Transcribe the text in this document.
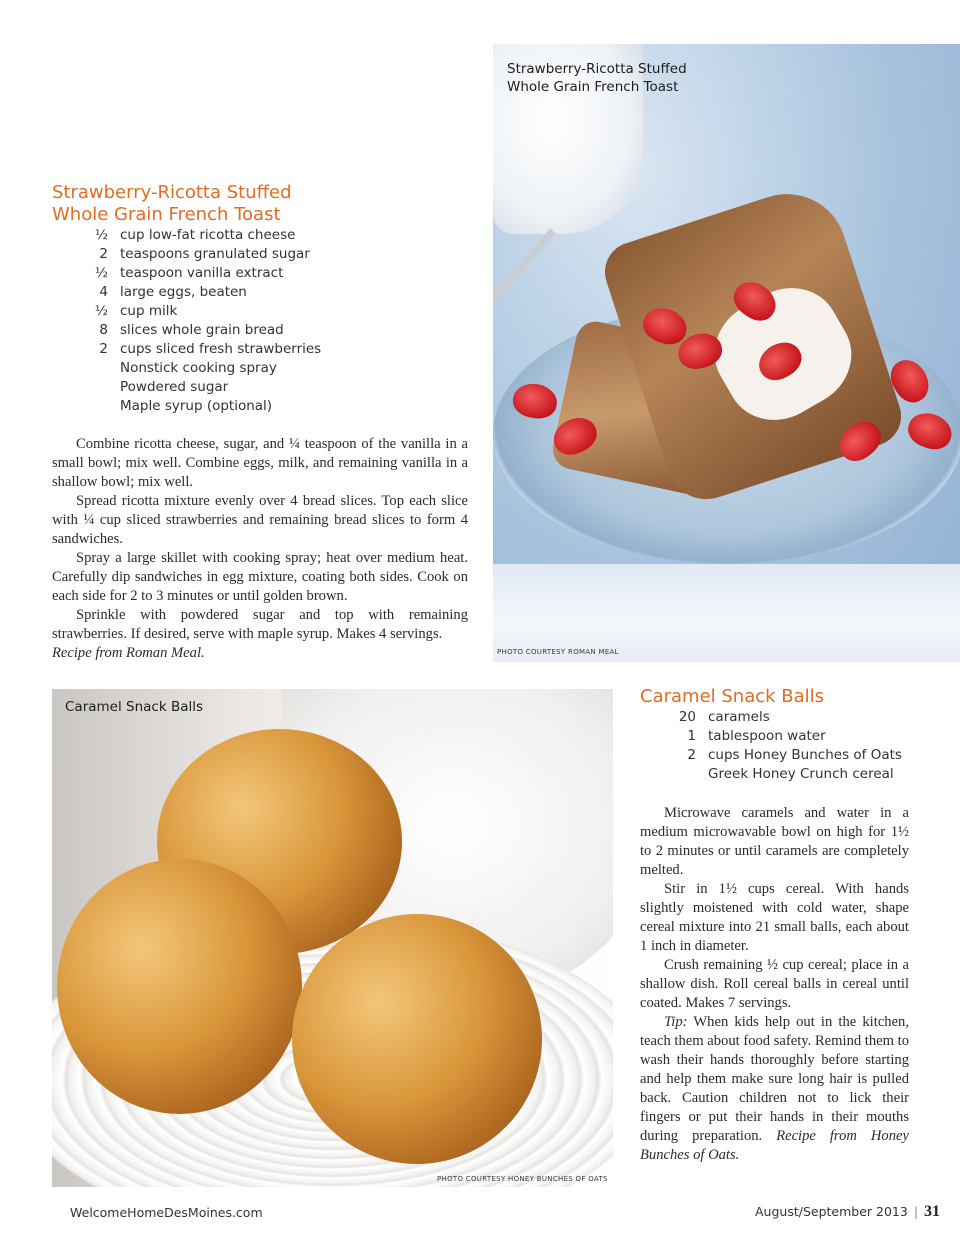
Strawberry-Ricotta Stuffed
Whole Grain French Toast
PHOTO COURTESY ROMAN MEAL
Strawberry-Ricotta Stuffed
Whole Grain French Toast
½ cup low-fat ricotta cheese
2 teaspoons granulated sugar
½ teaspoon vanilla extract
4 large eggs, beaten
½ cup milk
8 slices whole grain bread
2 cups sliced fresh strawberries
Nonstick cooking spray
Powdered sugar
Maple syrup (optional)

Combine ricotta cheese, sugar, and ¼ teaspoon of the vanilla in a small bowl; mix well. Combine eggs, milk, and remaining vanilla in a shallow bowl; mix well.

Spread ricotta mixture evenly over 4 bread slices. Top each slice with ¼ cup sliced strawberries and remaining bread slices to form 4 sandwiches.

Spray a large skillet with cooking spray; heat over medium heat. Carefully dip sandwiches in egg mixture, coating both sides. Cook on each side for 2 to 3 minutes or until golden brown.

Sprinkle with powdered sugar and top with remaining strawberries. If desired, serve with maple syrup. Makes 4 servings.
Recipe from Roman Meal.

Caramel Snack Balls
PHOTO COURTESY HONEY BUNCHES OF OATS
Caramel Snack Balls
20 caramels
1 tablespoon water
2 cups Honey Bunches of Oats
Greek Honey Crunch cereal

Microwave caramels and water in a medium microwavable bowl on high for 1½ to 2 minutes or until caramels are completely melted.

Stir in 1½ cups cereal. With hands slightly moistened with cold water, shape cereal mixture into 21 small balls, each about 1 inch in diameter.

Crush remaining ½ cup cereal; place in a shallow dish. Roll cereal balls in cereal until coated. Makes 7 servings.

Tip: When kids help out in the kitchen, teach them about food safety. Remind them to wash their hands thoroughly before starting and help them make sure long hair is pulled back. Caution children not to lick their fingers or put their hands in their mouths during preparation. Recipe from Honey Bunches of Oats.

WelcomeHomeDesMoines.com	August/September 2013 | 31
